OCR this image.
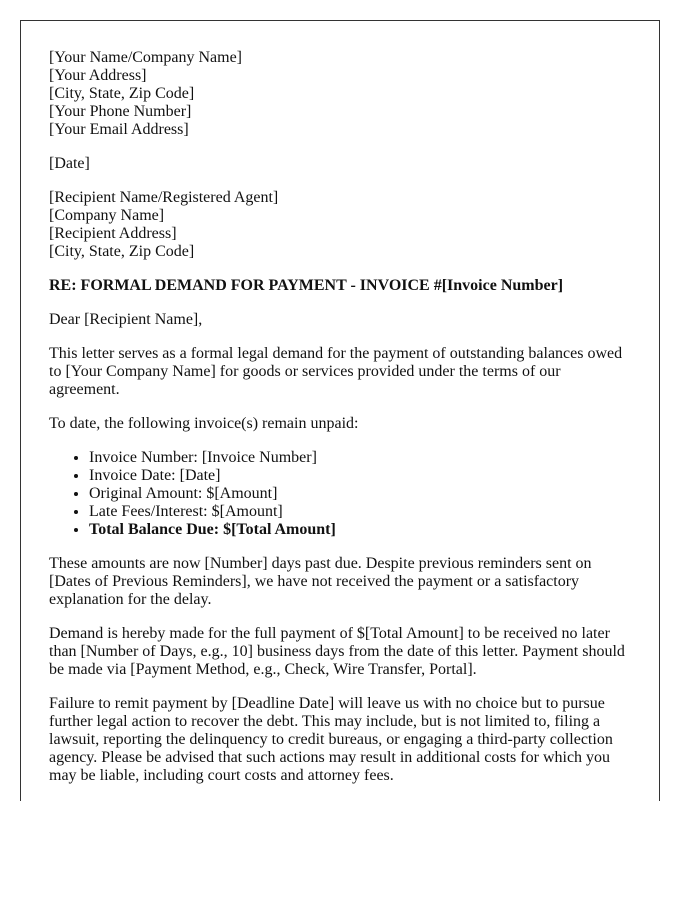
[Your Name/Company Name]
[Your Address]
[City, State, Zip Code]
[Your Phone Number]
[Your Email Address]

[Date]

[Recipient Name/Registered Agent]
[Company Name]
[Recipient Address]
[City, State, Zip Code]

RE: FORMAL DEMAND FOR PAYMENT - INVOICE #[Invoice Number]

Dear [Recipient Name],

This letter serves as a formal legal demand for the payment of outstanding balances owed to [Your Company Name] for goods or services provided under the terms of our agreement.

To date, the following invoice(s) remain unpaid:

• Invoice Number: [Invoice Number]
• Invoice Date: [Date]
• Original Amount: $[Amount]
• Late Fees/Interest: $[Amount]
• Total Balance Due: $[Total Amount]

These amounts are now [Number] days past due. Despite previous reminders sent on [Dates of Previous Reminders], we have not received the payment or a satisfactory explanation for the delay.

Demand is hereby made for the full payment of $[Total Amount] to be received no later than [Number of Days, e.g., 10] business days from the date of this letter. Payment should be made via [Payment Method, e.g., Check, Wire Transfer, Portal].

Failure to remit payment by [Deadline Date] will leave us with no choice but to pursue further legal action to recover the debt. This may include, but is not limited to, filing a lawsuit, reporting the delinquency to credit bureaus, or engaging a third-party collection agency. Please be advised that such actions may result in additional costs for which you may be liable, including court costs and attorney fees.
